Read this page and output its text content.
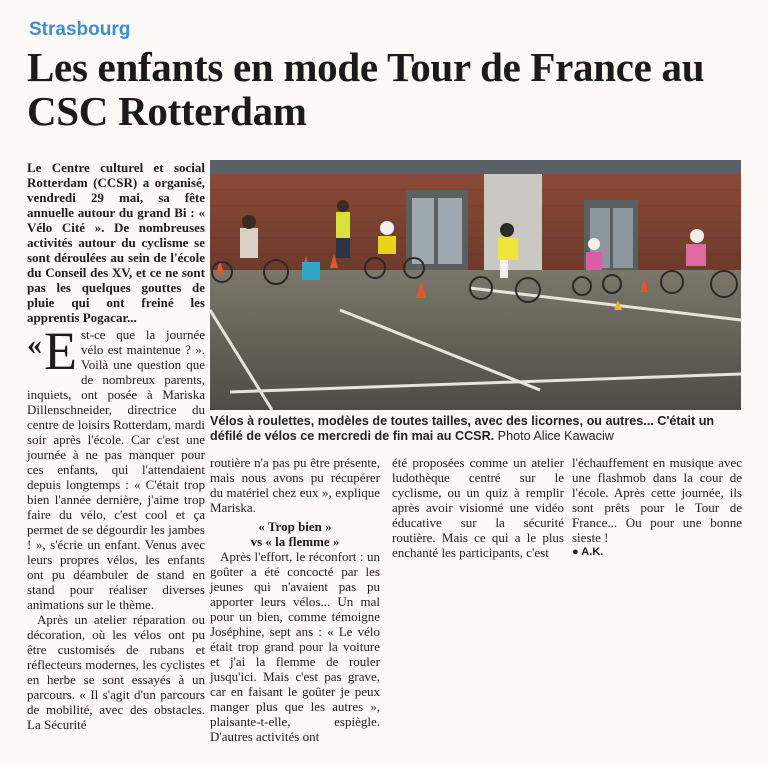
Strasbourg
Les enfants en mode Tour de France au CSC Rotterdam

Le Centre culturel et social Rotterdam (CCSR) a organisé, vendredi 29 mai, sa fête annuelle autour du grand Bi : « Vélo Cité ». De nombreuses activités autour du cyclisme se sont déroulées au sein de l'école du Conseil des XV, et ce ne sont pas les quelques gouttes de pluie qui ont freiné les apprentis Pogacar...

« E st-ce que la journée vélo est maintenue ? ». Voilà une question que de nombreux parents, inquiets, ont posée à Mariska Dillenschneider, directrice du centre de loisirs Rotterdam, mardi soir après l'école. Car c'est une journée à ne pas manquer pour ces enfants, qui l'attendaient depuis longtemps : « C'était trop bien l'année dernière, j'aime trop faire du vélo, c'est cool et ça permet de se dégourdir les jambes ! », s'écrie un enfant. Venus avec leurs propres vélos, les enfants ont pu déambuler de stand en stand pour réaliser diverses animations sur le thème.

Après un atelier réparation ou décoration, où les vélos ont pu être customisés de rubans et réflecteurs modernes, les cyclistes en herbe se sont essayés à un parcours. « Il s'agit d'un parcours de mobilité, avec des obstacles. La Sécurité

Vélos à roulettes, modèles de toutes tailles, avec des licornes, ou autres... C'était un défilé de vélos ce mercredi de fin mai au CCSR. Photo Alice Kawaciw

routière n'a pas pu être présente, mais nous avons pu récupérer du matériel chez eux », explique Mariska.

« Trop bien »

vs « la flemme »

Après l'effort, le réconfort : un goûter a été concocté par les jeunes qui n'avaient pas pu apporter leurs vélos... Un mal pour un bien, comme témoigne Joséphine, sept ans : « Le vélo était trop grand pour la voiture et j'ai la flemme de rouler jusqu'ici. Mais c'est pas grave, car en faisant le goûter je peux manger plus que les autres », plaisante-t-elle, espiègle. D'autres activités ont

été proposées comme un atelier ludothèque centré sur le cyclisme, ou un quiz à remplir après avoir visionné une vidéo éducative sur la sécurité routière. Mais ce qui a le plus enchanté les participants, c'est

l'échauffement en musique avec une flashmob dans la cour de l'école. Après cette journée, ils sont prêts pour le Tour de France... Ou pour une bonne sieste !

● A.K.
